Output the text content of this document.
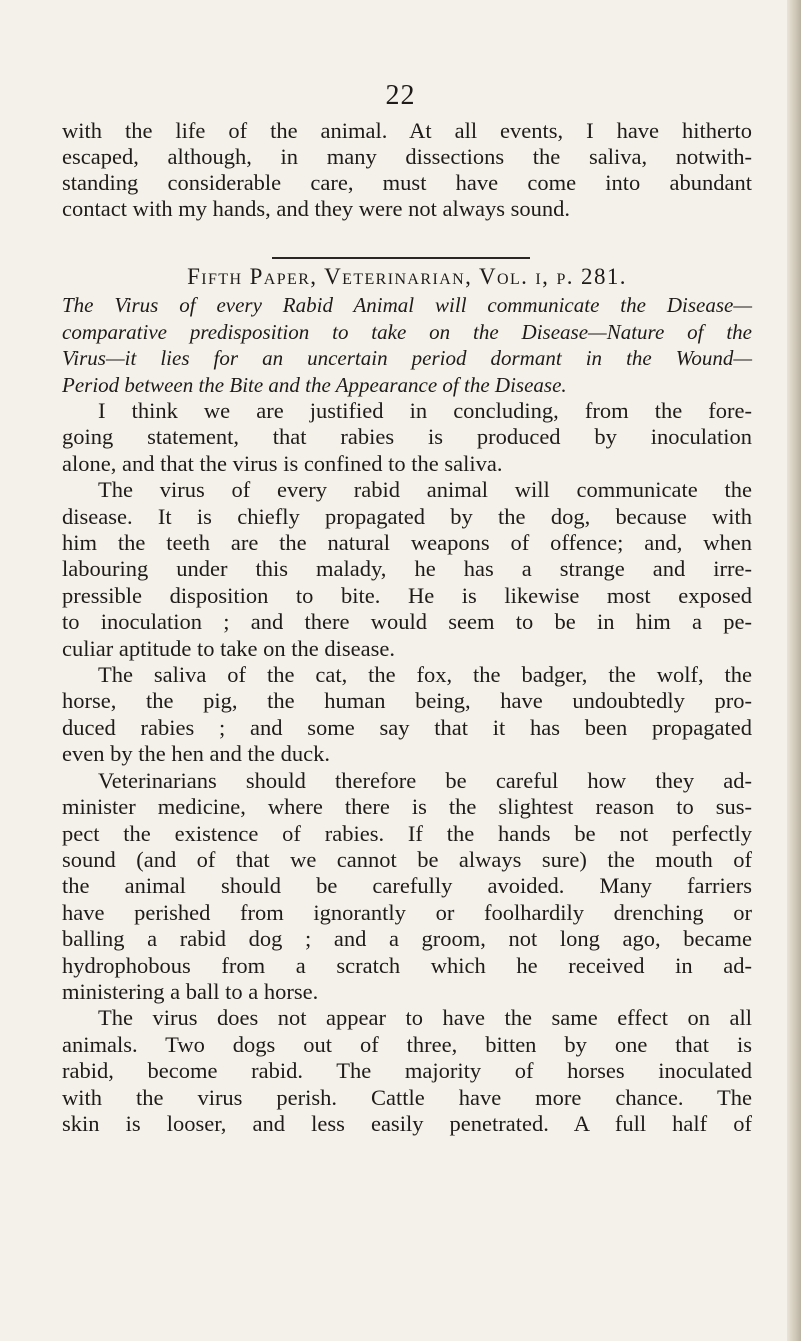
22
with the life of the animal. At all events, I have hitherto
escaped, although, in many dissections the saliva, notwith-
standing considerable care, must have come into abundant
contact with my hands, and they were not always sound.
Fifth Paper, Veterinarian, Vol. i, p. 281.
The Virus of every Rabid Animal will communicate the Disease—
comparative predisposition to take on the Disease—Nature of the
Virus—it lies for an uncertain period dormant in the Wound—
Period between the Bite and the Appearance of the Disease.
I think we are justified in concluding, from the fore-
going statement, that rabies is produced by inoculation
alone, and that the virus is confined to the saliva.
The virus of every rabid animal will communicate the
disease. It is chiefly propagated by the dog, because with
him the teeth are the natural weapons of offence; and, when
labouring under this malady, he has a strange and irre-
pressible disposition to bite. He is likewise most exposed
to inoculation ; and there would seem to be in him a pe-
culiar aptitude to take on the disease.
The saliva of the cat, the fox, the badger, the wolf, the
horse, the pig, the human being, have undoubtedly pro-
duced rabies ; and some say that it has been propagated
even by the hen and the duck.
Veterinarians should therefore be careful how they ad-
minister medicine, where there is the slightest reason to sus-
pect the existence of rabies. If the hands be not perfectly
sound (and of that we cannot be always sure) the mouth of
the animal should be carefully avoided. Many farriers
have perished from ignorantly or foolhardily drenching or
balling a rabid dog ; and a groom, not long ago, became
hydrophobous from a scratch which he received in ad-
ministering a ball to a horse.
The virus does not appear to have the same effect on all
animals. Two dogs out of three, bitten by one that is
rabid, become rabid. The majority of horses inoculated
with the virus perish. Cattle have more chance. The
skin is looser, and less easily penetrated. A full half of
